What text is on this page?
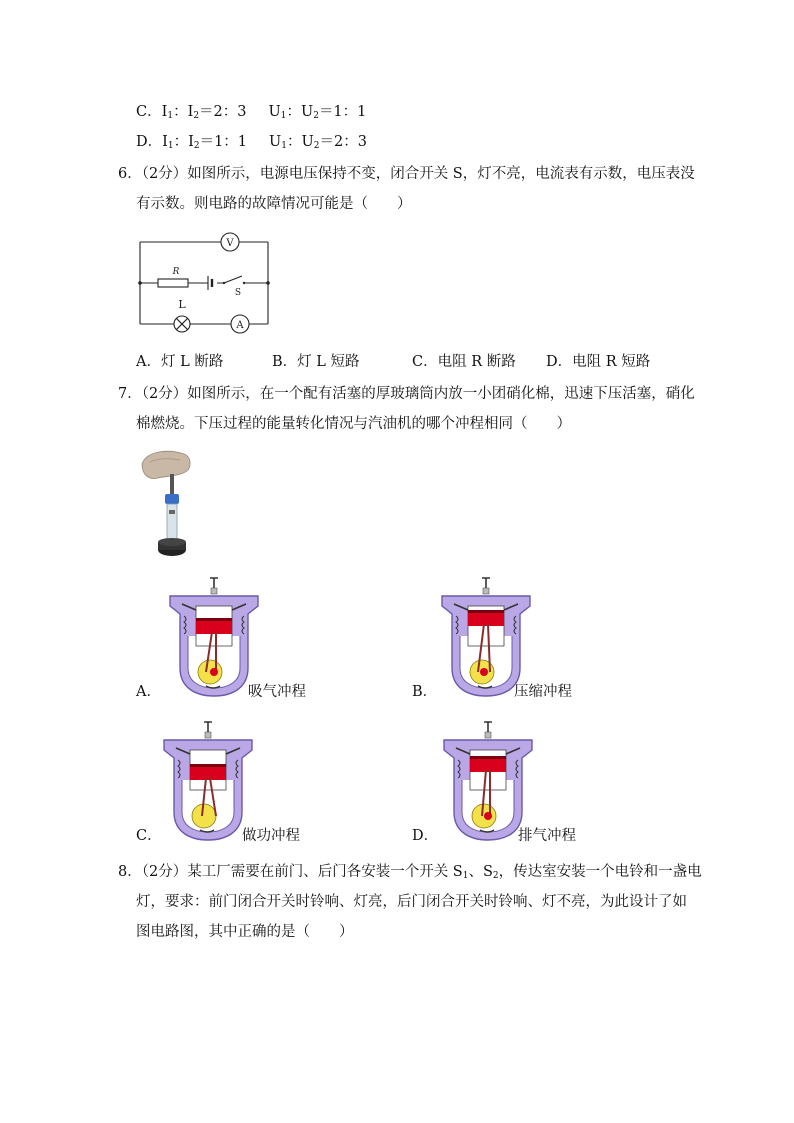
C．$I_1$：$I_2=2$：3 $U_1$：$U_2=1$：1
D．$I_1$：$I_2=1$：1 $U_1$：$U_2=2$：3
6．（2分）如图所示，电源电压保持不变，闭合开关 S，灯不亮，电流表有示数，电压表没
有示数。则电路的故障情况可能是（　　）
V
R
S
L
A
A．灯 L 断路	B．灯 L 短路	C．电阻 R 断路 D．电阻 R 短路
7．（2分）如图所示，在一个配有活塞的厚玻璃筒内放一小团硝化棉，迅速下压活塞，硝化
棉燃烧。下压过程的能量转化情况与汽油机的哪个冲程相同（　　）
A．	吸气冲程	B．	压缩冲程
C．	做功冲程	D．	排气冲程
8．（2分）某工厂需要在前门、后门各安装一个开关 $S_1$、$S_2$，传达室安装一个电铃和一盏电
灯，要求：前门闭合开关时铃响、灯亮，后门闭合开关时铃响、灯不亮，为此设计了如
图电路图，其中正确的是（　　）
